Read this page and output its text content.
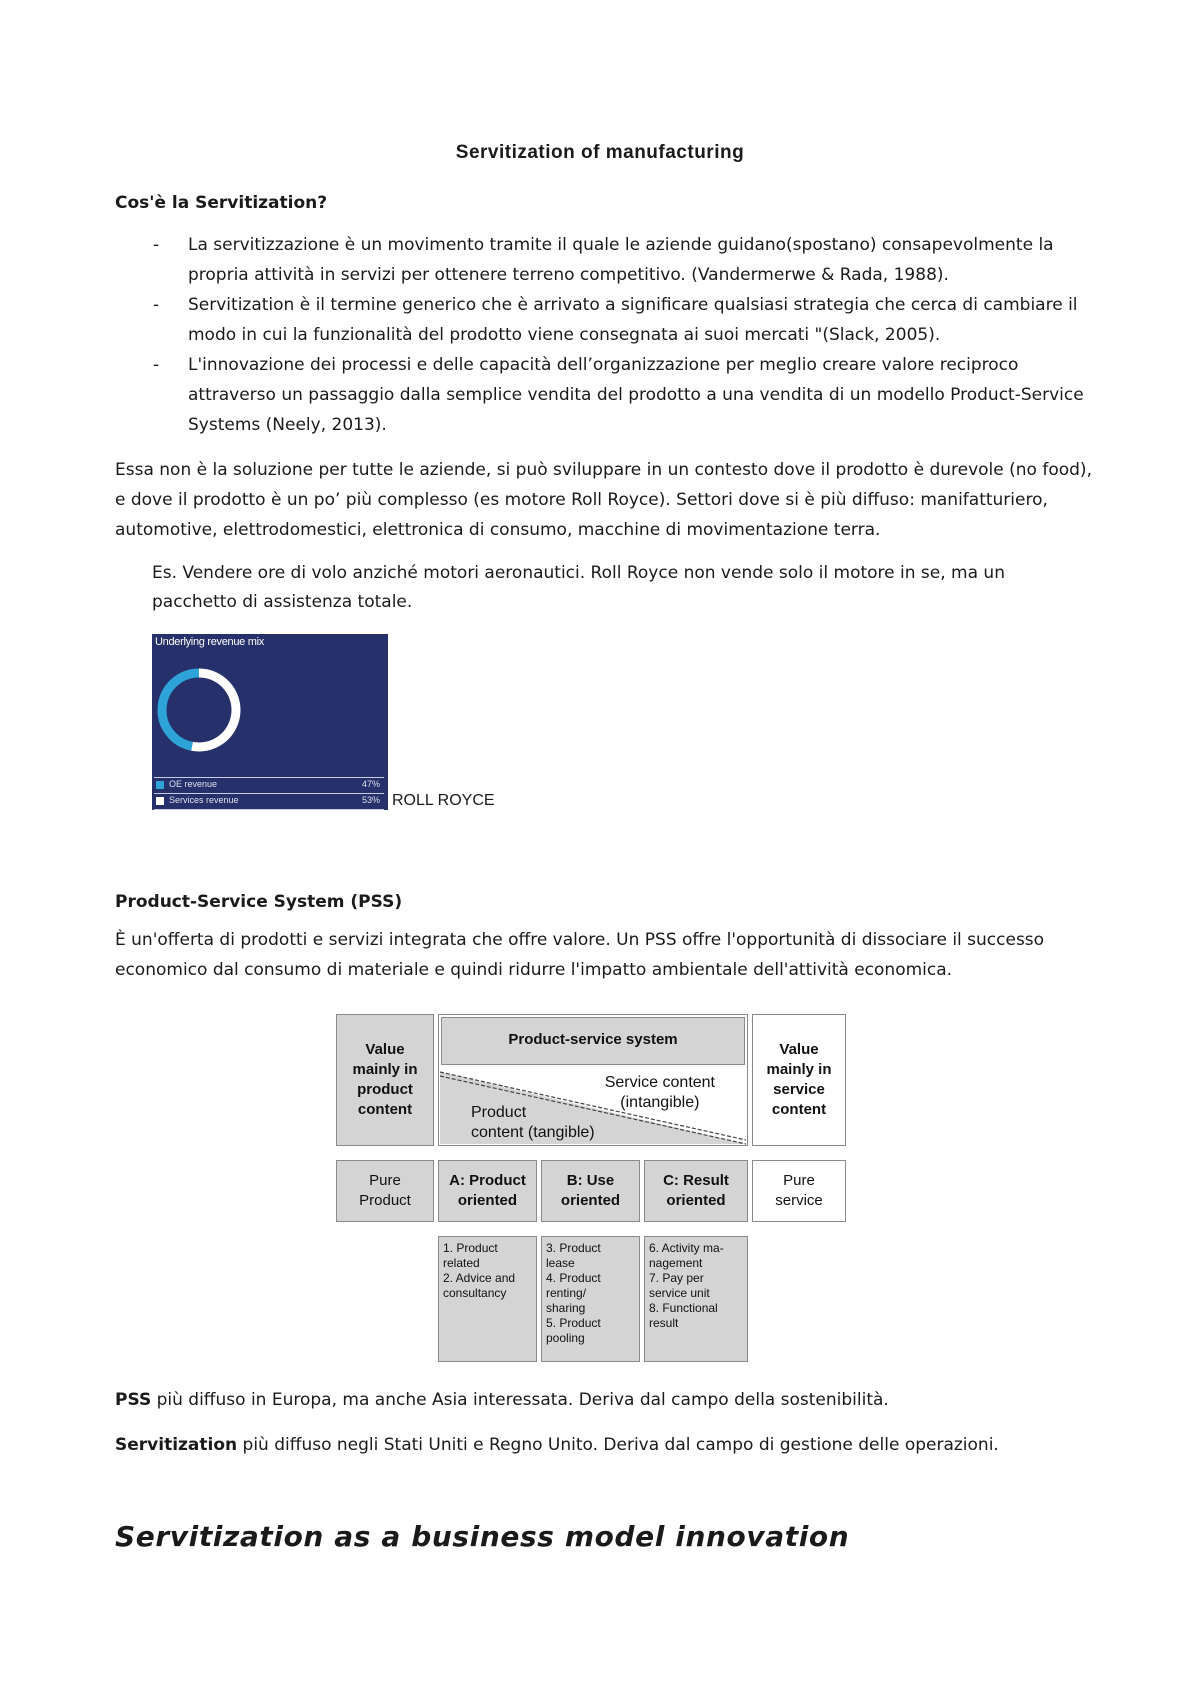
Servitization of manufacturing
Cos'è la Servitization?
- La servitizzazione è un movimento tramite il quale le aziende guidano(spostano) consapevolmente la propria attività in servizi per ottenere terreno competitivo. (Vandermerwe & Rada, 1988).
- Servitization è il termine generico che è arrivato a significare qualsiasi strategia che cerca di cambiare il modo in cui la funzionalità del prodotto viene consegnata ai suoi mercati "(Slack, 2005).
- L'innovazione dei processi e delle capacità dell’organizzazione per meglio creare valore reciproco attraverso un passaggio dalla semplice vendita del prodotto a una vendita di un modello Product-Service Systems (Neely, 2013).

Essa non è la soluzione per tutte le aziende, si può sviluppare in un contesto dove il prodotto è durevole (no food), e dove il prodotto è un po’ più complesso (es motore Roll Royce). Settori dove si è più diffuso: manifatturiero, automotive, elettrodomestici, elettronica di consumo, macchine di movimentazione terra.

Es. Vendere ore di volo anziché motori aeronautici. Roll Royce non vende solo il motore in se, ma un pacchetto di assistenza totale.

Underlying revenue mix
OE revenue	47%
Services revenue	53% ROLL ROYCE
Product-Service System (PSS)

È un'offerta di prodotti e servizi integrata che offre valore. Un PSS offre l'opportunità di dissociare il successo economico dal consumo di materiale e quindi ridurre l'impatto ambientale dell'attività economica.

Value
mainly in
product
content
Product-service system
Service content
(intangible)
Product
content (tangible)
Value
mainly in
service
content
Pure
Product
A: Product
oriented
B: Use
oriented
C: Result
oriented
Pure
service
1. Product
related
2. Advice and
consultancy
3. Product
lease
4. Product
renting/
sharing
5. Product
pooling
6. Activity ma-
nagement
7. Pay per
service unit
8. Functional
result

PSS più diffuso in Europa, ma anche Asia interessata. Deriva dal campo della sostenibilità.

Servitization più diffuso negli Stati Uniti e Regno Unito. Deriva dal campo di gestione delle operazioni.

Servitization as a business model innovation
